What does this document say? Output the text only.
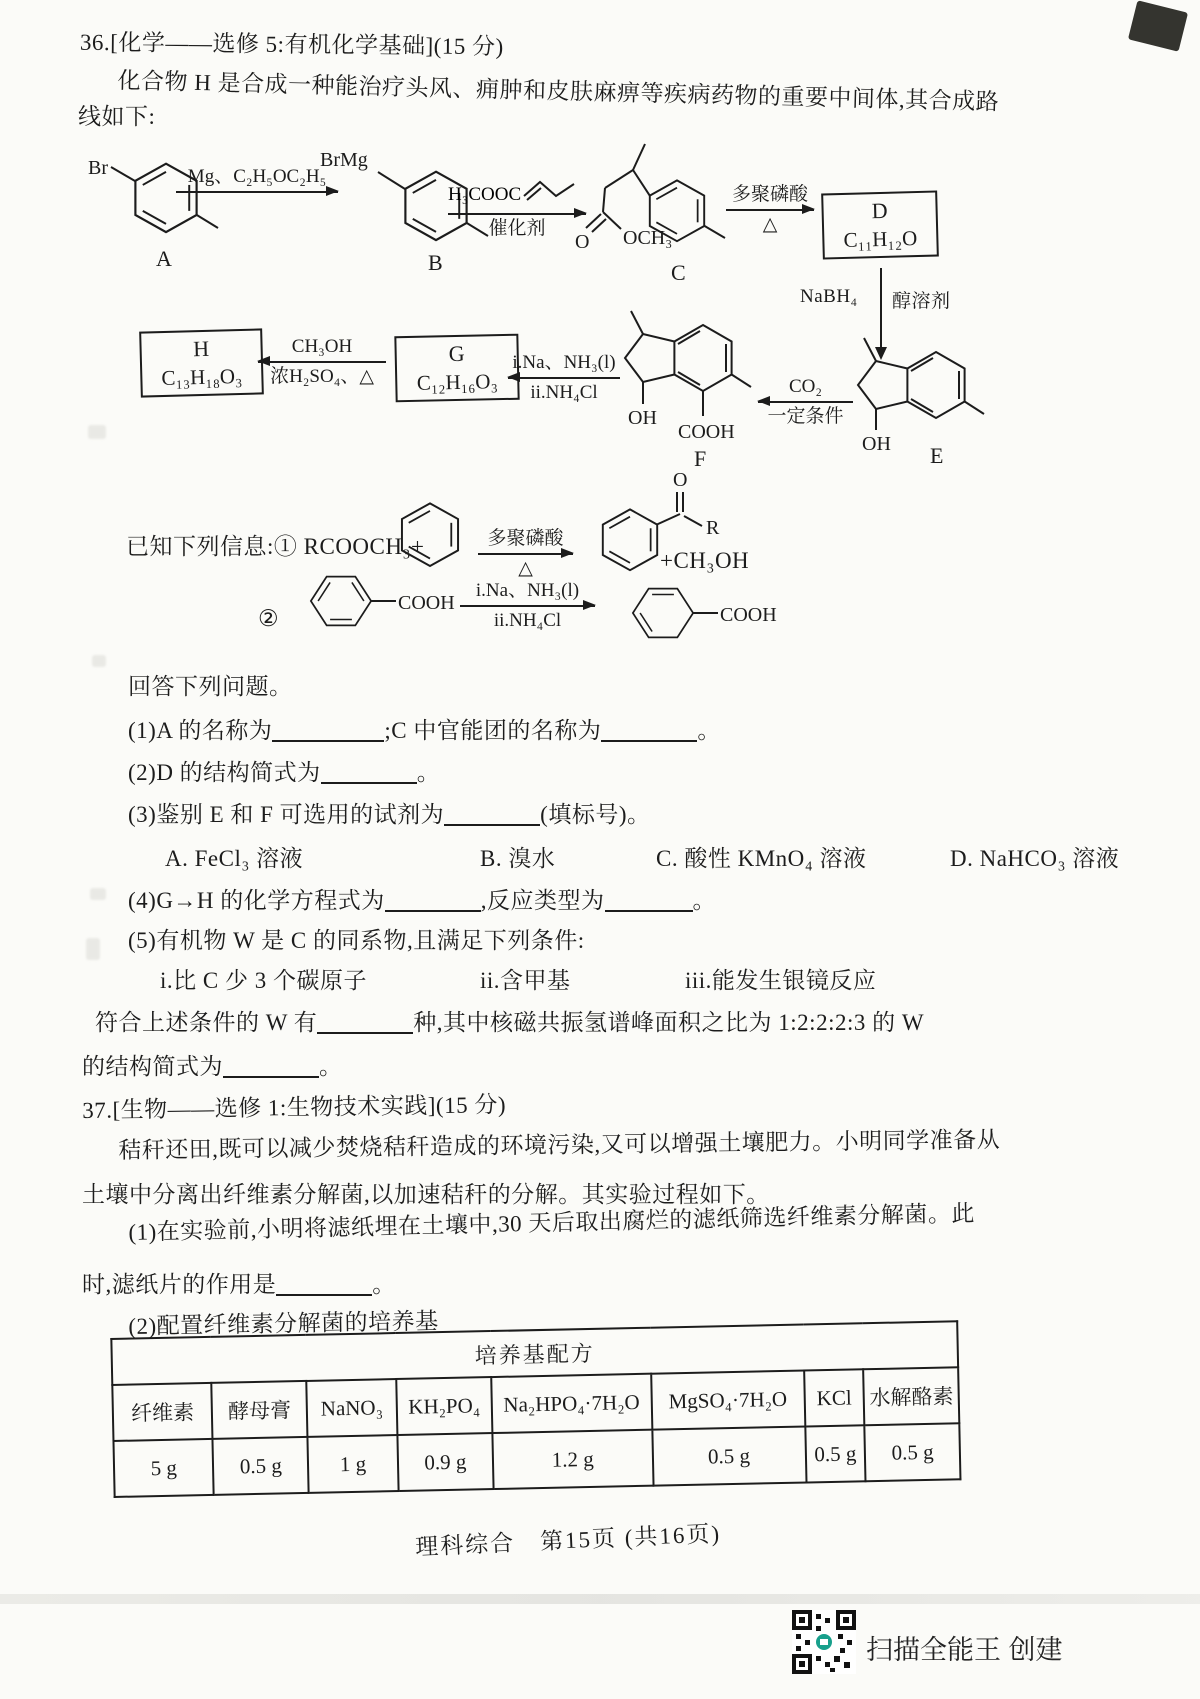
36.[化学——选修 5:有机化学基础](15 分)
化合物 H 是合成一种能治疗头风、痈肿和皮肤麻痹等疾病药物的重要中间体,其合成路
线如下:
Br
A
Mg、C₂H₅OC₂H₅
BrMg
B
H₃COOC
催化剂
O OCH₃
C
多聚磷酸
△
D
C₁₁H₁₂O
NaBH₄ 醇溶剂
H
C₁₃H₁₈O₃
CH₃OH
浓H₂SO₄、△
G
C₁₂H₁₆O₃
i.Na、NH₃(l)
ii.NH₄Cl
OH
COOH
F
CO₂
一定条件
OH E
已知下列信息:① RCOOCH₃+	多聚磷酸
△
O
R
+CH₃OH
②
COOH
i.Na、NH₃(l)
ii.NH₄Cl	COOH
回答下列问题。
(1)A 的名称为	;C 中官能团的名称为	。
(2)D 的结构简式为	。
(3)鉴别 E 和 F 可选用的试剂为	(填标号)。
A. FeCl₃ 溶液	B. 溴水	C. 酸性 KMnO₄ 溶液	D. NaHCO₃ 溶液
(4)G→H 的化学方程式为	,反应类型为	。
(5)有机物 W 是 C 的同系物,且满足下列条件:
i.比 C 少 3 个碳原子	ii.含甲基	iii.能发生银镜反应
符合上述条件的 W 有	种,其中核磁共振氢谱峰面积之比为 1:2:2:2:3 的 W
的结构简式为	。
37.[生物——选修 1:生物技术实践](15 分)
秸秆还田,既可以减少焚烧秸秆造成的环境污染,又可以增强土壤肥力。小明同学准备从
土壤中分离出纤维素分解菌,以加速秸秆的分解。其实验过程如下。
(1)在实验前,小明将滤纸埋在土壤中,30 天后取出腐烂的滤纸筛选纤维素分解菌。此
时,滤纸片的作用是	。
(2)配置纤维素分解菌的培养基
培养基配方							
纤维素	酵母膏	NaNO₃	KH₂PO₄	Na₂HPO₄·7H₂O	MgSO₄·7H₂O	KCl	水解酪素
5 g	0.5 g	1 g	0.9 g	1.2 g	0.5 g	0.5 g	0.5 g
理科综合　第15页 (共16页)
扫描全能王 创建
